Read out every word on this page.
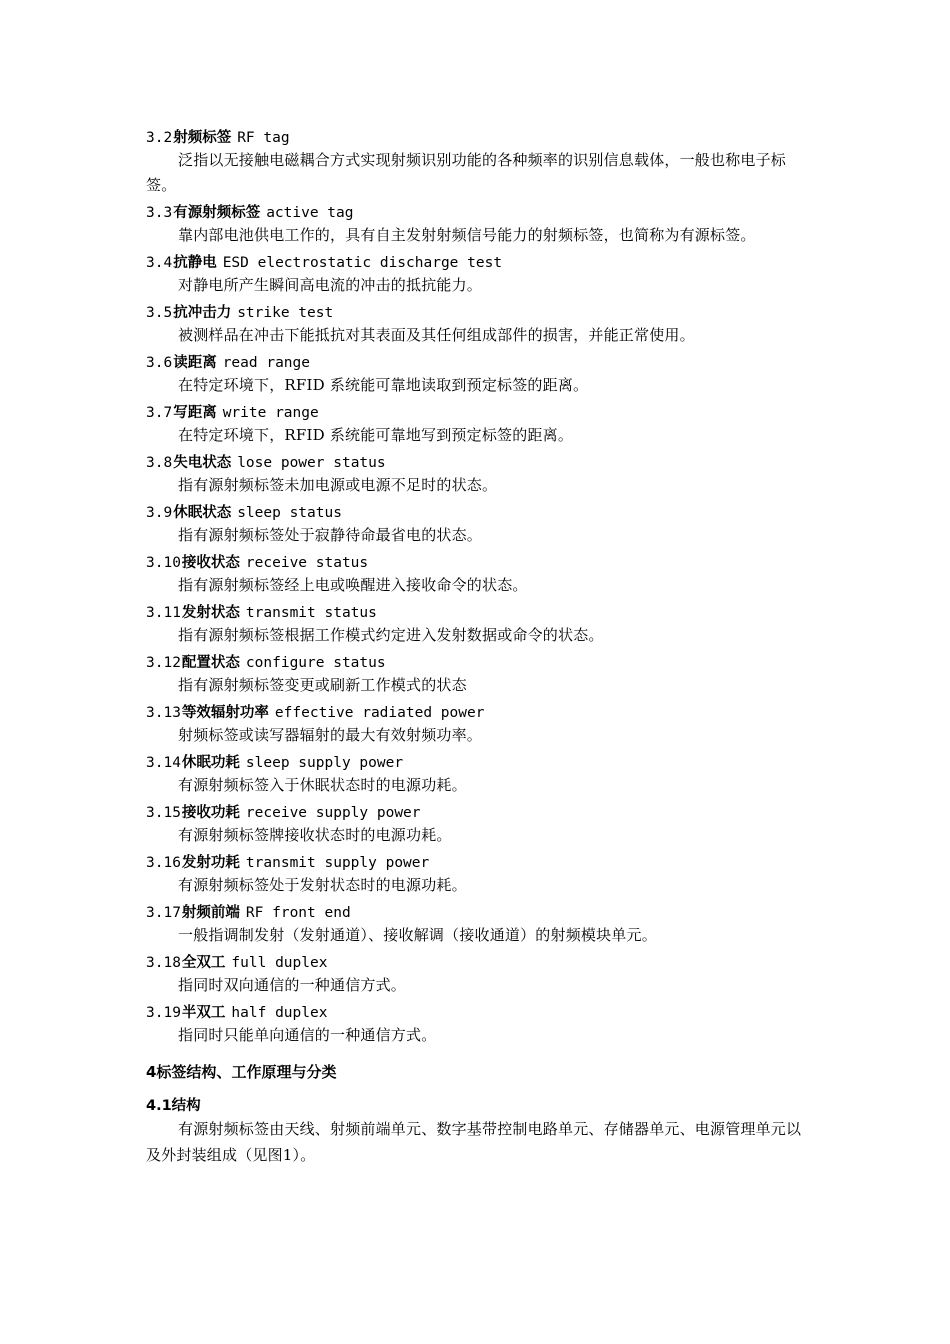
3.2射频标签 RF tag

泛指以无接触电磁耦合方式实现射频识别功能的各种频率的识别信息载体，一般也称电子标签。

3.3有源射频标签 active tag

靠内部电池供电工作的，具有自主发射射频信号能力的射频标签，也简称为有源标签。

3.4抗静电 ESD electrostatic discharge test

对静电所产生瞬间高电流的冲击的抵抗能力。

3.5抗冲击力 strike test

被测样品在冲击下能抵抗对其表面及其任何组成部件的损害，并能正常使用。

3.6读距离 read range

在特定环境下，RFID 系统能可靠地读取到预定标签的距离。

3.7写距离 write range

在特定环境下，RFID 系统能可靠地写到预定标签的距离。

3.8失电状态 lose power status

指有源射频标签未加电源或电源不足时的状态。

3.9休眠状态 sleep status

指有源射频标签处于寂静待命最省电的状态。

3.10接收状态 receive status

指有源射频标签经上电或唤醒进入接收命令的状态。

3.11发射状态 transmit status

指有源射频标签根据工作模式约定进入发射数据或命令的状态。

3.12配置状态 configure status

指有源射频标签变更或刷新工作模式的状态

3.13等效辐射功率 effective radiated power

射频标签或读写器辐射的最大有效射频功率。

3.14休眠功耗 sleep supply power

有源射频标签入于休眠状态时的电源功耗。

3.15接收功耗 receive supply power

有源射频标签牌接收状态时的电源功耗。

3.16发射功耗 transmit supply power

有源射频标签处于发射状态时的电源功耗。

3.17射频前端 RF front end

一般指调制发射（发射通道）、接收解调（接收通道）的射频模块单元。

3.18全双工 full duplex

指同时双向通信的一种通信方式。

3.19半双工 half duplex

指同时只能单向通信的一种通信方式。

4标签结构、工作原理与分类
4.1结构

有源射频标签由天线、射频前端单元、数字基带控制电路单元、存储器单元、电源管理单元以及外封装组成（见图1）。
